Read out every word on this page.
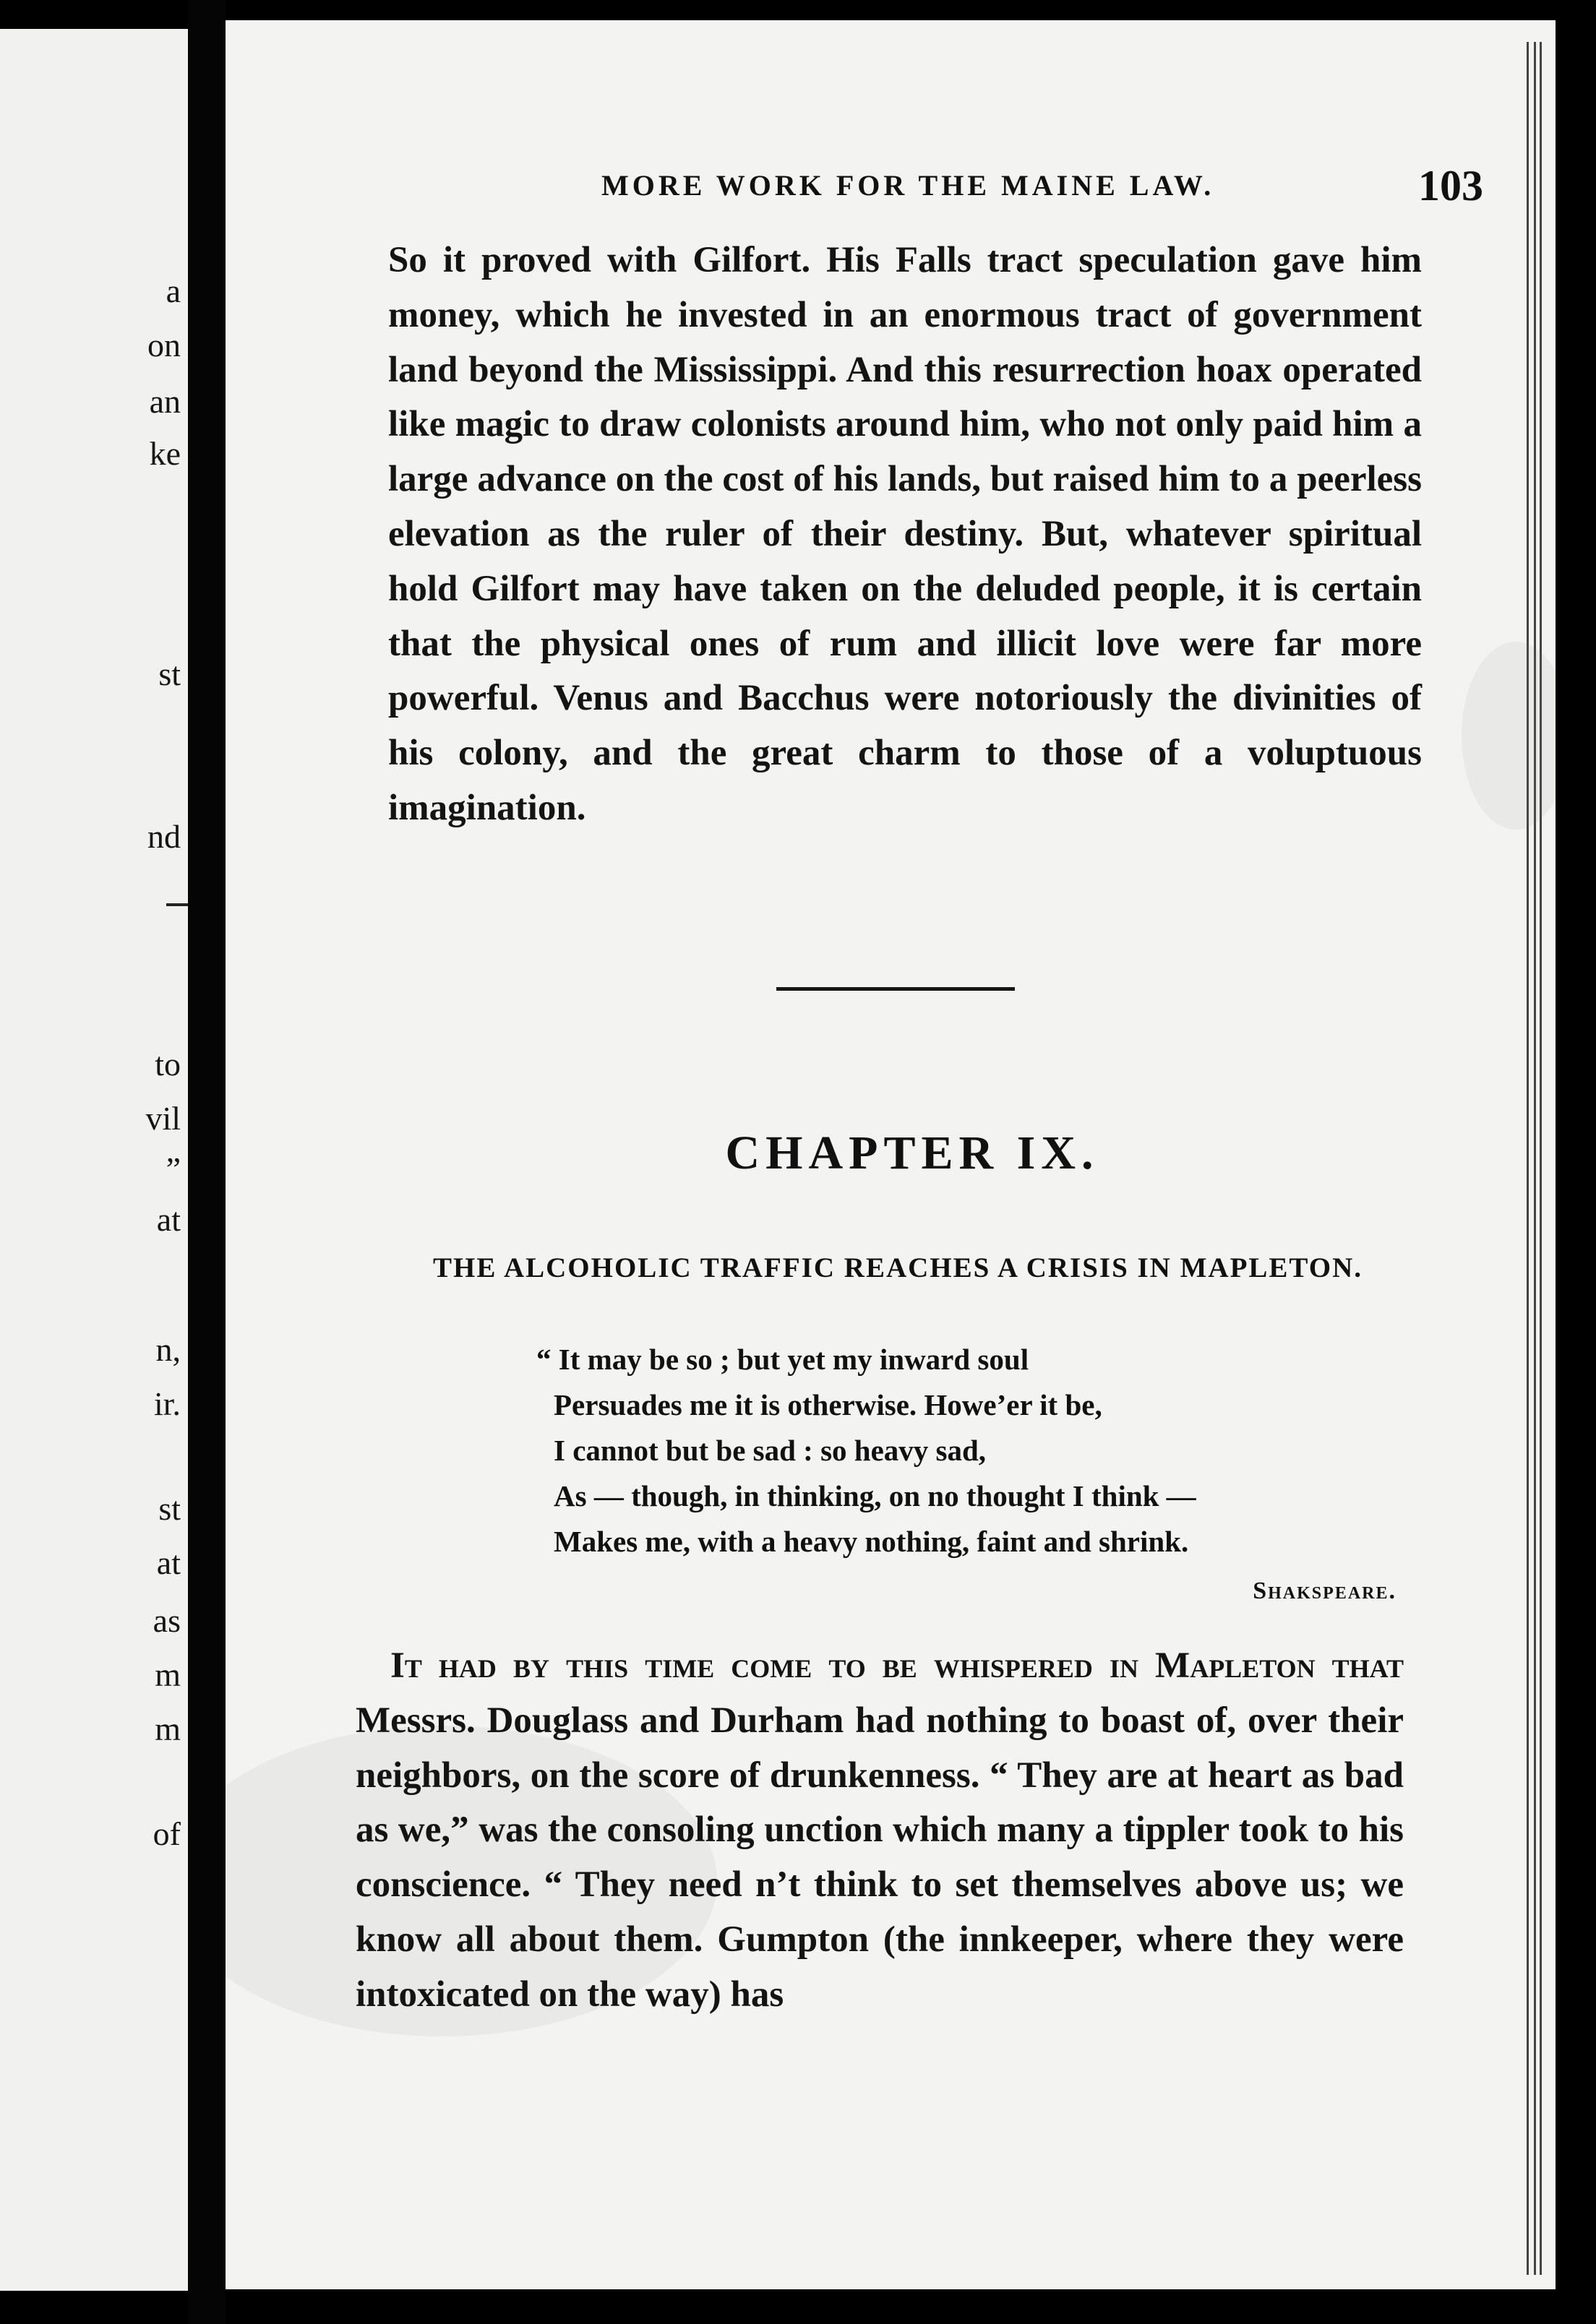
a
on
an
ke
st
nd
to
vil
”
at
n,
ir.
st
at
as
m
m
of
MORE WORK FOR THE MAINE LAW.	103
So it proved with Gilfort. His Falls tract speculation gave him money, which he invested in an enormous tract of government land beyond the Mississippi. And this resurrection hoax operated like magic to draw colonists around him, who not only paid him a large advance on the cost of his lands, but raised him to a peerless elevation as the ruler of their destiny. But, whatever spiritual hold Gilfort may have taken on the deluded people, it is certain that the physical ones of rum and illicit love were far more powerful. Venus and Bacchus were notoriously the divinities of his colony, and the great charm to those of a voluptuous imagination.
CHAPTER IX.
THE ALCOHOLIC TRAFFIC REACHES A CRISIS IN MAPLETON.
“ It may be so ; but yet my inward soul
Persuades me it is otherwise. Howe’er it be,
I cannot but be sad : so heavy sad,
As — though, in thinking, on no thought I think —
Makes me, with a heavy nothing, faint and shrink.
Shakspeare.
It had by this time come to be whispered in Mapleton that Messrs. Douglass and Durham had nothing to boast of, over their neighbors, on the score of drunkenness. “ They are at heart as bad as we,” was the consoling unction which many a tippler took to his conscience. “ They need n’t think to set themselves above us; we know all about them. Gumpton (the innkeeper, where they were intoxicated on the way) has
